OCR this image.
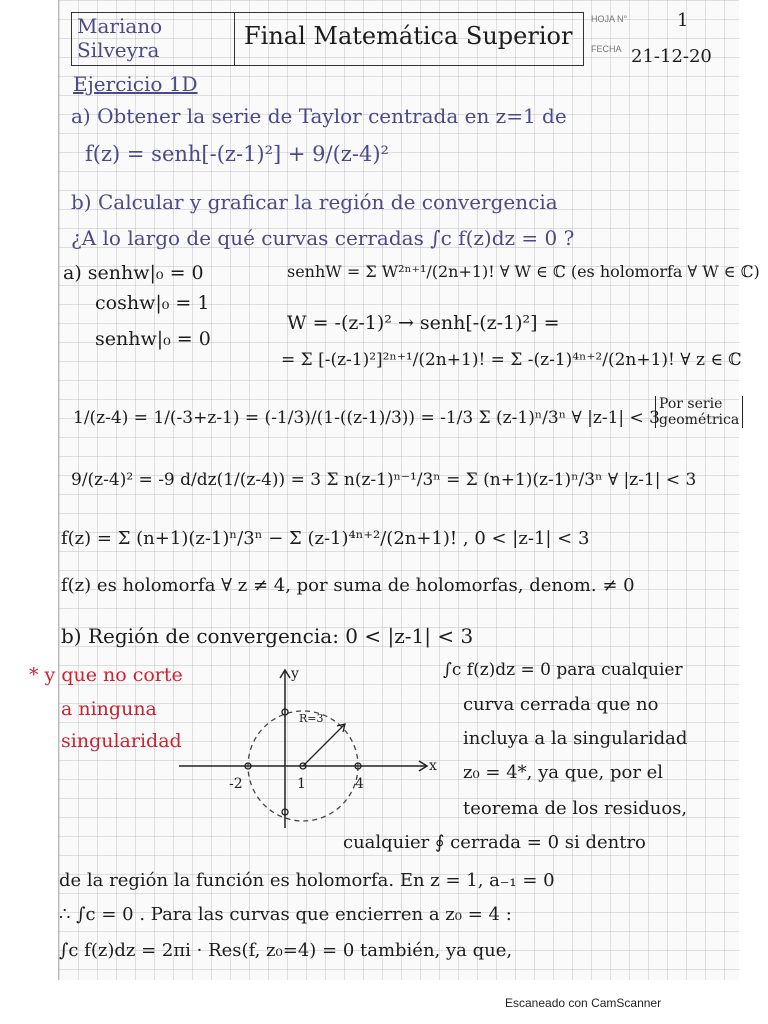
Mariano
Silveyra	Final Matemática Superior
HOJA N°	1
FECHA 21-12-20
Ejercicio 1D
a) Obtener la serie de Taylor centrada en z=1 de
f(z) = senh[-(z-1)²] + 9/(z-4)²
b) Calcular y graficar la región de convergencia
¿A lo largo de qué curvas cerradas ∫c f(z)dz = 0 ?
a) senhw|₀ = 0	senhW = Σ W²ⁿ⁺¹/(2n+1)! ∀ W ∈ ℂ (es holomorfa ∀ W ∈ ℂ)
coshw|₀ = 1
senhw|₀ = 0
W = -(z-1)² → senh[-(z-1)²] =
= Σ [-(z-1)²]²ⁿ⁺¹/(2n+1)! = Σ -(z-1)⁴ⁿ⁺²/(2n+1)! ∀ z ∈ ℂ
1/(z-4) = 1/(-3+z-1) = (-1/3)/(1-((z-1)/3)) = -1/3 Σ (z-1)ⁿ/3ⁿ ∀ |z-1| < 3
Por serie geométrica
9/(z-4)² = -9 d/dz(1/(z-4)) = 3 Σ n(z-1)ⁿ⁻¹/3ⁿ = Σ (n+1)(z-1)ⁿ/3ⁿ ∀ |z-1| < 3
f(z) = Σ (n+1)(z-1)ⁿ/3ⁿ − Σ (z-1)⁴ⁿ⁺²/(2n+1)! , 0 < |z-1| < 3
f(z) es holomorfa ∀ z ≠ 4, por suma de holomorfas, denom. ≠ 0
b) Región de convergencia: 0 < |z-1| < 3
* y que no corte
a ninguna
singularidad
y
x
R=3
-2	1	4
∫c f(z)dz = 0 para cualquier
curva cerrada que no
incluya a la singularidad
z₀ = 4*, ya que, por el
teorema de los residuos,
cualquier ∮ cerrada = 0 si dentro
de la región la función es holomorfa. En z = 1, a₋₁ = 0
∴ ∫c = 0 . Para las curvas que encierren a z₀ = 4 :
∫c f(z)dz = 2πi · Res(f, z₀=4) = 0 también, ya que,
Escaneado con CamScanner
